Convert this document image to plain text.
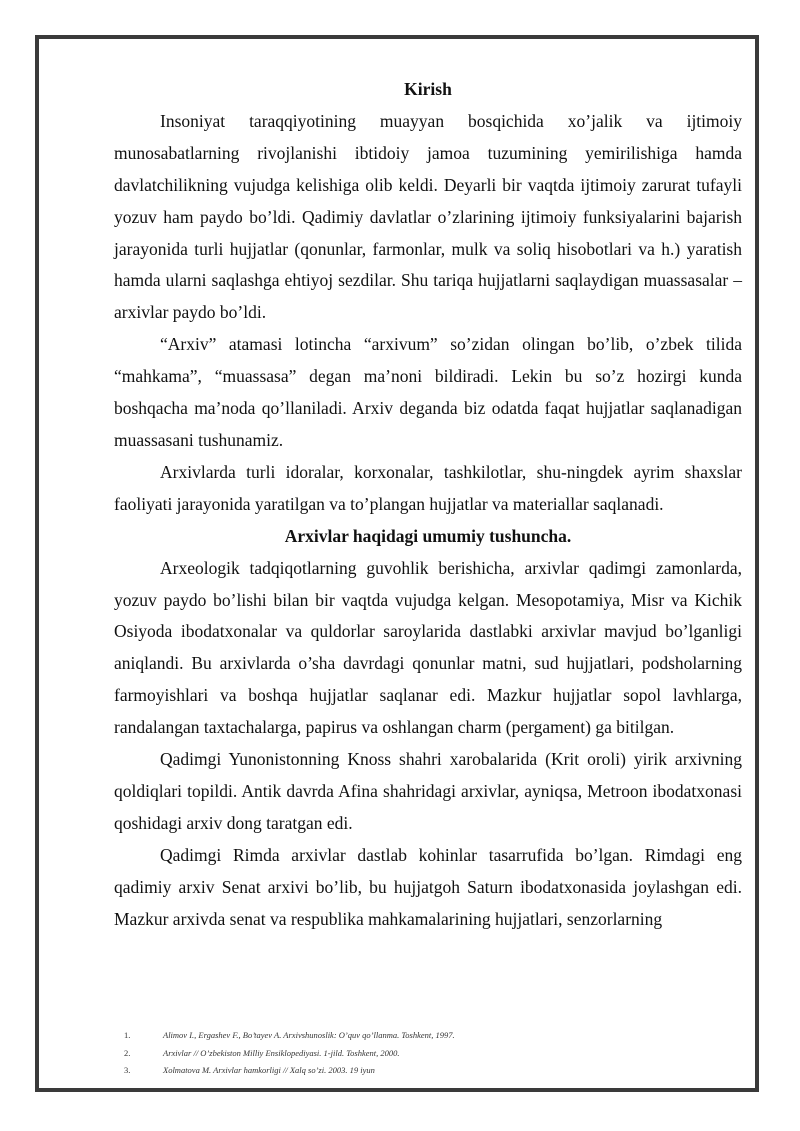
Kirish

Insoniyat taraqqiyotining muayyan bosqichida xo’jalik va ijtimoiy munosabatlarning rivojlanishi ibtidoiy jamoa tuzumining yemirilishiga hamda davlatchilikning vujudga kelishiga olib keldi. Deyarli bir vaqtda ijtimoiy zarurat tufayli yozuv ham paydo bo’ldi. Qadimiy davlatlar o’zlarining ijtimoiy funksiyalarini bajarish jarayonida turli hujjatlar (qonunlar, farmonlar, mulk va soliq hisobotlari va h.) yaratish hamda ularni saqlashga ehtiyoj sezdilar. Shu tariqa hujjatlarni saqlaydigan muassasalar – arxivlar paydo bo’ldi.

“Arxiv” atamasi lotincha “arxivum” so’zidan olingan bo’lib, o’zbek tilida “mahkama”, “muassasa” degan ma’noni bildiradi. Lekin bu so’z hozirgi kunda boshqacha ma’noda qo’llaniladi. Arxiv deganda biz odatda faqat hujjatlar saqlanadigan muassasani tushunamiz.

Arxivlarda turli idoralar, korxonalar, tashkilotlar, shu-ningdek ayrim shaxslar faoliyati jarayonida yaratilgan va to’plangan hujjatlar va materiallar saqlanadi.

Arxivlar haqidagi umumiy tushuncha.

Arxeologik tadqiqotlarning guvohlik berishicha, arxivlar qadimgi zamonlarda, yozuv paydo bo’lishi bilan bir vaqtda vujudga kelgan. Mesopotamiya, Misr va Kichik Osiyoda ibodatxonalar va quldorlar saroylarida dastlabki arxivlar mavjud bo’lganligi aniqlandi. Bu arxivlarda o’sha davrdagi qonunlar matni, sud hujjatlari, podsholarning farmoyishlari va boshqa hujjatlar saqlanar edi. Mazkur hujjatlar sopol lavhlarga, randalangan taxtachalarga, papirus va oshlangan charm (pergament) ga bitilgan.

Qadimgi Yunonistonning Knoss shahri xarobalarida (Krit oroli) yirik arxivning qoldiqlari topildi. Antik davrda Afina shahridagi arxivlar, ayniqsa, Metroon ibodatxonasi qoshidagi arxiv dong taratgan edi.

Qadimgi Rimda arxivlar dastlab kohinlar tasarrufida bo’lgan. Rimdagi eng qadimiy arxiv Senat arxivi bo’lib, bu hujjatgoh Saturn ibodatxonasida joylashgan edi. Mazkur arxivda senat va respublika mahkamalarining hujjatlari, senzorlarning

1.	Alimov I., Ergashev F., Bo’tayev A. Arxivshunoslik: O’quv qo’llanma. Toshkent, 1997.
2.	Arxivlar // O’zbekiston Milliy Ensiklopediyasi. 1-jild. Toshkent, 2000.
3.	Xolmatova M. Arxivlar hamkorligi // Xalq so’zi. 2003. 19 iyun
